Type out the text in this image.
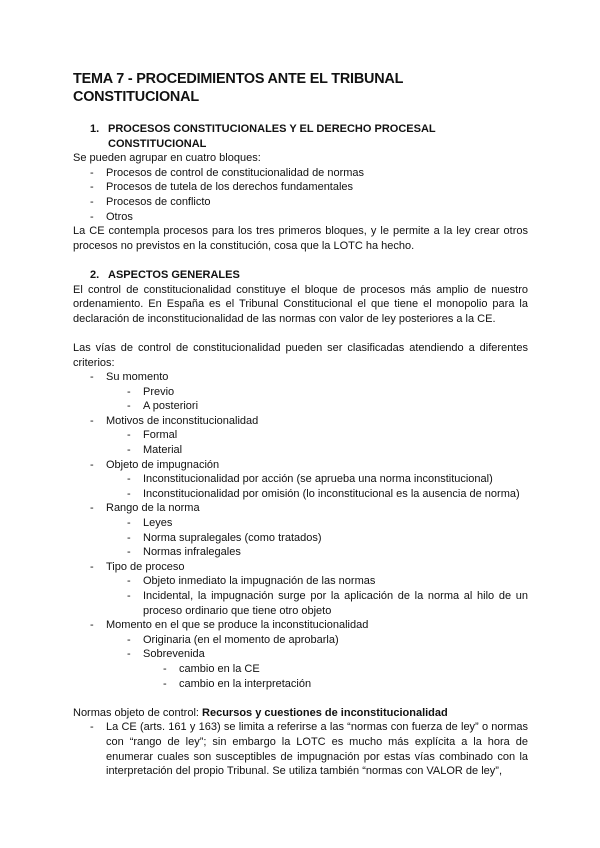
TEMA 7 - PROCEDIMIENTOS ANTE EL TRIBUNAL CONSTITUCIONAL
1. PROCESOS CONSTITUCIONALES Y EL DERECHO PROCESAL
CONSTITUCIONAL

Se pueden agrupar en cuatro bloques:

-	Procesos de control de constitucionalidad de normas
-	Procesos de tutela de los derechos fundamentales
-	Procesos de conflicto
-	Otros

La CE contempla procesos para los tres primeros bloques, y le permite a la ley crear otros procesos no previstos en la constitución, cosa que la LOTC ha hecho.

2. ASPECTOS GENERALES

El control de constitucionalidad constituye el bloque de procesos más amplio de nuestro ordenamiento. En España es el Tribunal Constitucional el que tiene el monopolio para la declaración de inconstitucionalidad de las normas con valor de ley posteriores a la CE.

Las vías de control de constitucionalidad pueden ser clasificadas atendiendo a diferentes criterios:

-	Su momento
-	Previo
-	A posteriori
-	Motivos de inconstitucionalidad
-	Formal
-	Material
-	Objeto de impugnación
-	Inconstitucionalidad por acción (se aprueba una norma inconstitucional)
-	Inconstitucionalidad por omisión (lo inconstitucional es la ausencia de norma)
-	Rango de la norma
-	Leyes
-	Norma supralegales (como tratados)
-	Normas infralegales
-	Tipo de proceso
-	Objeto inmediato la impugnación de las normas
-	Incidental, la impugnación surge por la aplicación de la norma al hilo de un proceso ordinario que tiene otro objeto
-	Momento en el que se produce la inconstitucionalidad
-	Originaria (en el momento de aprobarla)
-	Sobrevenida
-	cambio en la CE
-	cambio en la interpretación

Normas objeto de control: Recursos y cuestiones de inconstitucionalidad

-	La CE (arts. 161 y 163) se limita a referirse a las “normas con fuerza de ley” o normas con “rango de ley”; sin embargo la LOTC es mucho más explícita a la hora de enumerar cuales son susceptibles de impugnación por estas vías combinado con la interpretación del propio Tribunal. Se utiliza también “normas con VALOR de ley”,
